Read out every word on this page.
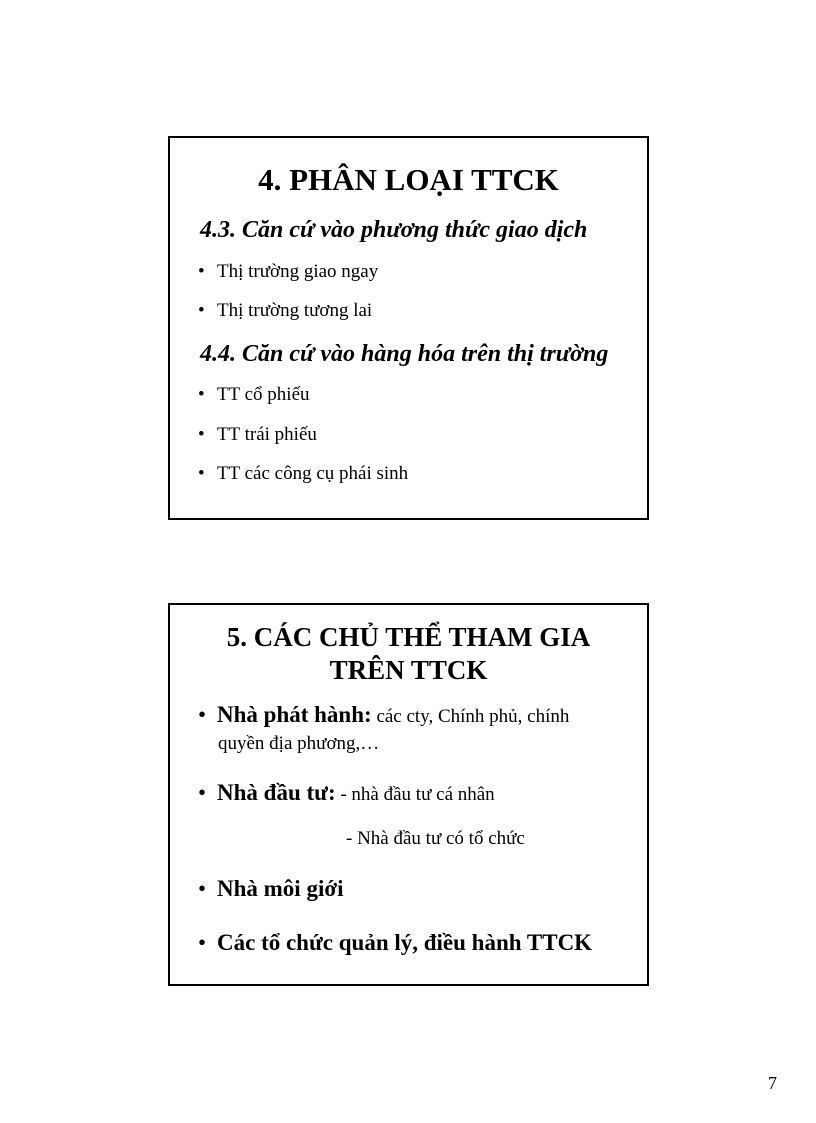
4. PHÂN LOẠI TTCK

4.3. Căn cứ vào phương thức giao dịch

• Thị trường giao ngay

• Thị trường tương lai

4.4. Căn cứ vào hàng hóa trên thị trường

• TT cổ phiếu

• TT trái phiếu

• TT các công cụ phái sinh

5. CÁC CHỦ THỂ THAM GIA
TRÊN TTCK

• Nhà phát hành: các cty, Chính phủ, chính

quyền địa phương,…

• Nhà đầu tư: - nhà đầu tư cá nhân

- Nhà đầu tư có tổ chức

• Nhà môi giới

• Các tổ chức quản lý, điều hành TTCK

7
